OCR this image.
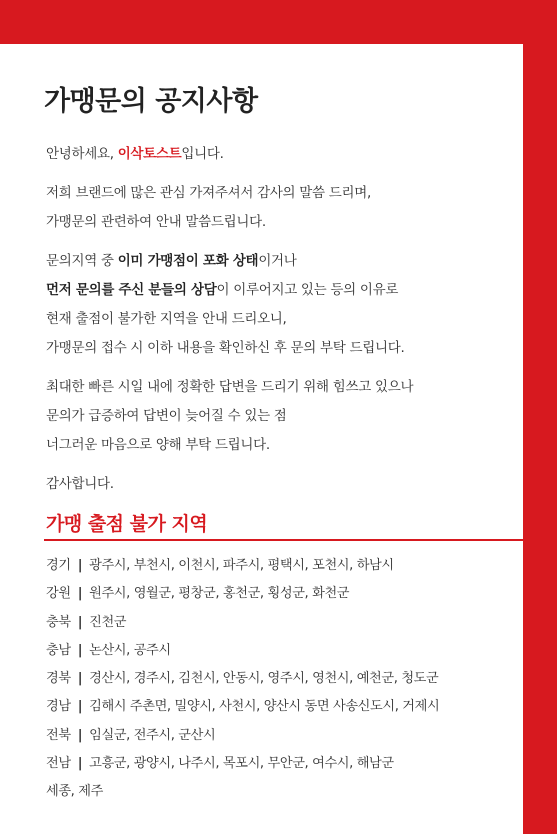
가맹문의 공지사항

안녕하세요, 이삭토스트입니다.

저희 브랜드에 많은 관심 가져주셔서 감사의 말씀 드리며,
가맹문의 관련하여 안내 말씀드립니다.

문의지역 중 이미 가맹점이 포화 상태이거나
먼저 문의를 주신 분들의 상담이 이루어지고 있는 등의 이유로
현재 출점이 불가한 지역을 안내 드리오니,
가맹문의 접수 시 이하 내용을 확인하신 후 문의 부탁 드립니다.

최대한 빠른 시일 내에 정확한 답변을 드리기 위해 힘쓰고 있으나
문의가 급증하여 답변이 늦어질 수 있는 점
너그러운 마음으로 양해 부탁 드립니다.

감사합니다.

가맹 출점 불가 지역
경기 | 광주시, 부천시, 이천시, 파주시, 평택시, 포천시, 하남시
강원 | 원주시, 영월군, 평창군, 홍천군, 횡성군, 화천군
충북 | 진천군
충남 | 논산시, 공주시
경북 | 경산시, 경주시, 김천시, 안동시, 영주시, 영천시, 예천군, 청도군
경남 | 김해시 주촌면, 밀양시, 사천시, 양산시 동면 사송신도시, 거제시
전북 | 임실군, 전주시, 군산시
전남 | 고흥군, 광양시, 나주시, 목포시, 무안군, 여수시, 해남군
세종, 제주
